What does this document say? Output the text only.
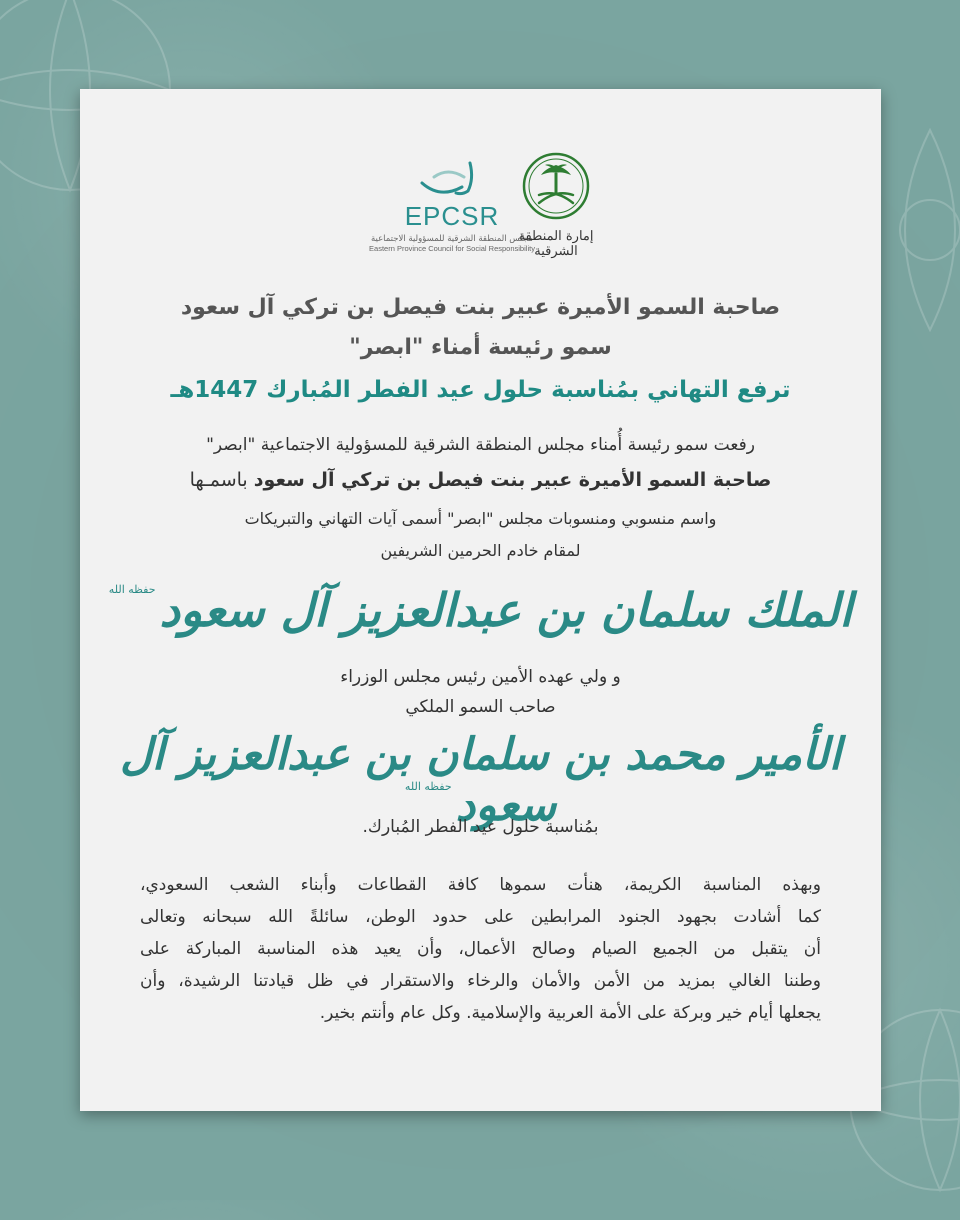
EPCSR
مجلس المنطقة الشرقية للمسؤولية الاجتماعية
Eastern Province Council for Social Responsibility
إمارة المنطقة الشرقية
صاحبة السمو الأميرة عبير بنت فيصل بن تركي آل سعود
سمو رئيسة أمناء "ابصر"
ترفع التهاني بمُناسبة حلول عيد الفطر المُبارك 1447هـ
رفعت سمو رئيسة أُمناء مجلس المنطقة الشرقية للمسؤولية الاجتماعية "ابصر"
صاحبة السمو الأميرة عبير بنت فيصل بن تركي آل سعود باسمـها
واسم منسوبي ومنسوبات مجلس "ابصر" أسمى آيات التهاني والتبريكات
لمقام خادم الحرمين الشريفين
الملك سلمان بن عبدالعزيز آل سعود$^{حفظه الله}$
و ولي عهده الأمين رئيس مجلس الوزراء
صاحب السمو الملكي
الأمير محمد بن سلمان بن عبدالعزيز آل سعود$^{حفظه الله}$
بمُناسبة حلول عيد الفطر المُبارك.
وبهذه المناسبة الكريمة، هنأت سموها كافة القطاعات وأبناء الشعب السعودي،
كما أشادت بجهود الجنود المرابطين على حدود الوطن، سائلةً الله سبحانه وتعالى
أن يتقبل من الجميع الصيام وصالح الأعمال، وأن يعيد هذه المناسبة المباركة على
وطننا الغالي بمزيد من الأمن والأمان والرخاء والاستقرار في ظل قيادتنا الرشيدة، وأن
يجعلها أيام خير وبركة على الأمة العربية والإسلامية. وكل عام وأنتم بخير.
